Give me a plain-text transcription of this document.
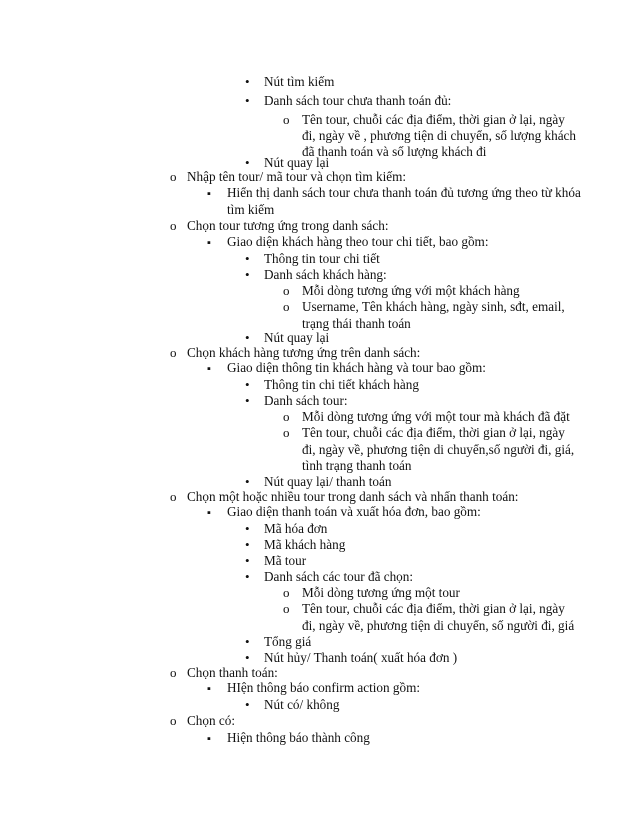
•
Nút tìm kiếm
•
Danh sách tour chưa thanh toán đủ:
o
Tên tour, chuỗi các địa điểm, thời gian ở lại, ngày
đi, ngày về , phương tiện di chuyển, số lượng khách
đã thanh toán và số lượng khách đi
•
Nút quay lại
o
Nhập tên tour/ mã tour và chọn tìm kiếm:
▪
Hiển thị danh sách tour chưa thanh toán đủ tương ứng theo từ khóa
tìm kiếm
o
Chọn tour tương ứng trong danh sách:
▪
Giao diện khách hàng theo tour chi tiết, bao gồm:
•
Thông tin tour chi tiết
•
Danh sách khách hàng:
o
Mỗi dòng tương ứng với một khách hàng
o
Username, Tên khách hàng, ngày sinh, sđt, email,
trạng thái thanh toán
•
Nút quay lại
o
Chọn khách hàng tương ứng trên danh sách:
▪
Giao diện thông tin khách hàng và tour bao gồm:
•
Thông tin chi tiết khách hàng
•
Danh sách tour:
o
Mỗi dòng tương ứng với một tour mà khách đã đặt
o
Tên tour, chuỗi các địa điểm, thời gian ở lại, ngày
đi, ngày về, phương tiện di chuyển,số người đi, giá,
tình trạng thanh toán
•
Nút quay lại/ thanh toán
o
Chọn một hoặc nhiều tour trong danh sách và nhấn thanh toán:
▪
Giao diện thanh toán và xuất hóa đơn, bao gồm:
•
Mã hóa đơn
•
Mã khách hàng
•
Mã tour
•
Danh sách các tour đã chọn:
o
Mỗi dòng tương ứng một tour
o
Tên tour, chuỗi các địa điểm, thời gian ở lại, ngày
đi, ngày về, phương tiện di chuyển, số người đi, giá
•
Tổng giá
•
Nút hủy/ Thanh toán( xuất hóa đơn )
o
Chọn thanh toán:
▪
HIện thông báo confirm action gồm:
•
Nút có/ không
o
Chọn có:
▪
Hiện thông báo thành công
